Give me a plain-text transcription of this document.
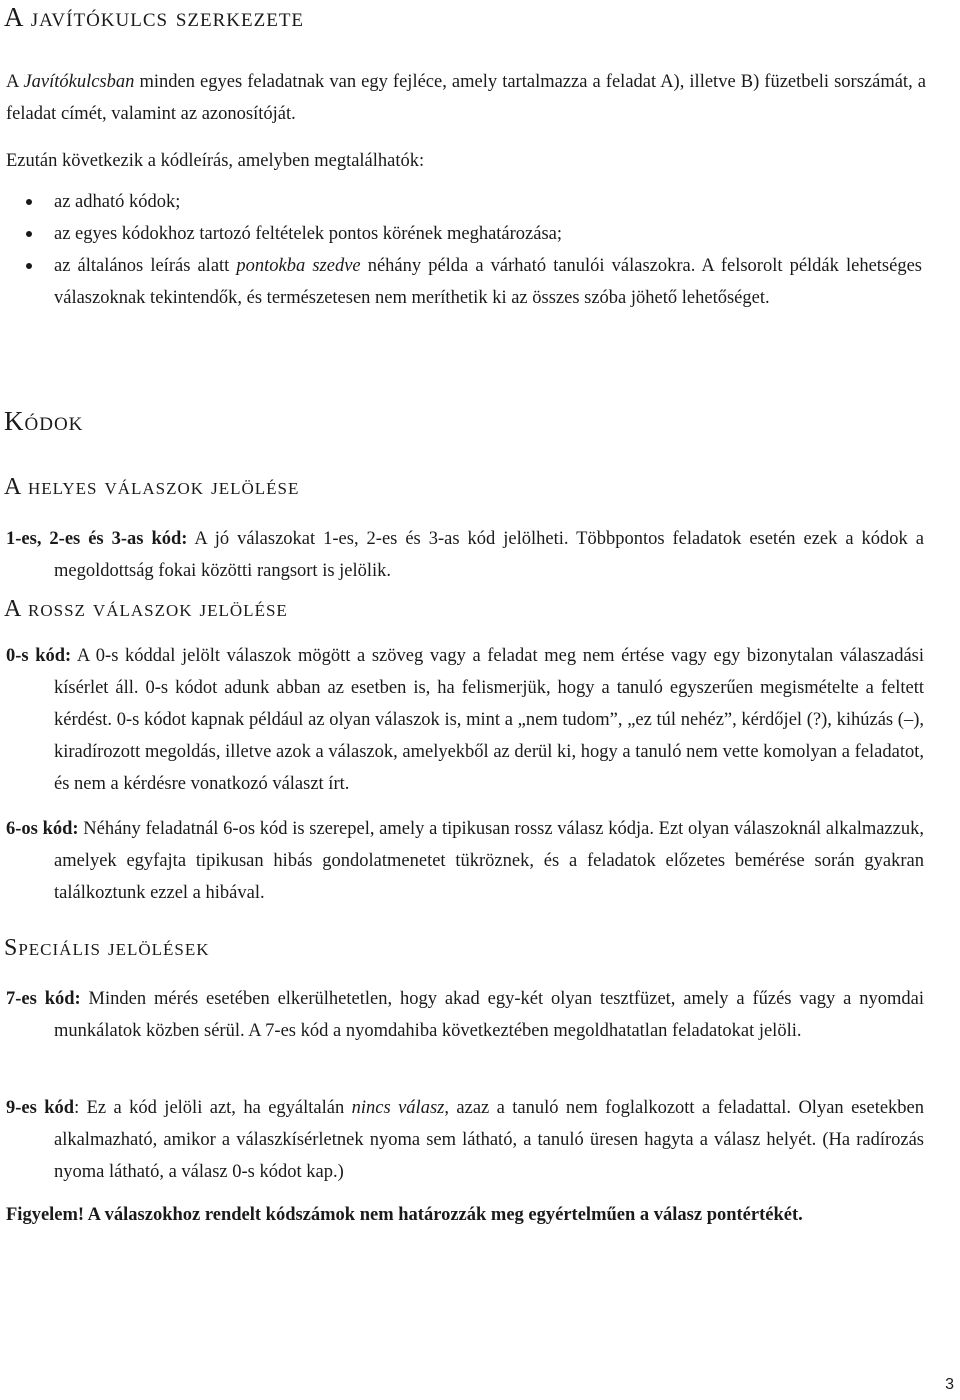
A javítókulcs szerkezete

A Javítókulcsban minden egyes feladatnak van egy fejléce, amely tartalmazza a feladat A), illetve B) füzetbeli sorszámát, a feladat címét, valamint az azonosítóját.

Ezután következik a kódleírás, amelyben megtalálhatók:

az adható kódok;
az egyes kódokhoz tartozó feltételek pontos körének meghatározása;
az általános leírás alatt pontokba szedve néhány példa a várható tanulói válaszokra. A felsorolt példák lehetséges válaszoknak tekintendők, és természetesen nem meríthetik ki az összes szóba jöhető lehetőséget.
Kódok
A helyes válaszok jelölése
1-es, 2-es és 3-as kód: A jó válaszokat 1-es, 2-es és 3-as kód jelölheti. Többpontos feladatok esetén ezek a kódok a megoldottság fokai közötti rangsort is jelölik.
A rossz válaszok jelölése
0-s kód: A 0-s kóddal jelölt válaszok mögött a szöveg vagy a feladat meg nem értése vagy egy bizonytalan válaszadási kísérlet áll. 0-s kódot adunk abban az esetben is, ha felismerjük, hogy a tanuló egyszerűen megismételte a feltett kérdést. 0-s kódot kapnak például az olyan válaszok is, mint a „nem tudom”, „ez túl nehéz”, kérdőjel (?), kihúzás (–), kiradírozott megoldás, illetve azok a válaszok, amelyekből az derül ki, hogy a tanuló nem vette komolyan a feladatot, és nem a kérdésre vonatkozó választ írt.
6-os kód: Néhány feladatnál 6-os kód is szerepel, amely a tipikusan rossz válasz kódja. Ezt olyan válaszoknál alkalmazzuk, amelyek egyfajta tipikusan hibás gondolatmenetet tükröznek, és a feladatok előzetes bemérése során gyakran találkoztunk ezzel a hibával.
Speciális jelölések
7-es kód: Minden mérés esetében elkerülhetetlen, hogy akad egy-két olyan tesztfüzet, amely a fűzés vagy a nyomdai munkálatok közben sérül. A 7-es kód a nyomdahiba következtében megoldhatatlan feladatokat jelöli.
9-es kód: Ez a kód jelöli azt, ha egyáltalán nincs válasz, azaz a tanuló nem foglalkozott a feladattal. Olyan esetekben alkalmazható, amikor a válaszkísérletnek nyoma sem látható, a tanuló üresen hagyta a válasz helyét. (Ha radírozás nyoma látható, a válasz 0-s kódot kap.)

Figyelem! A válaszokhoz rendelt kódszámok nem határozzák meg egyértelműen a válasz pontértékét.

3
